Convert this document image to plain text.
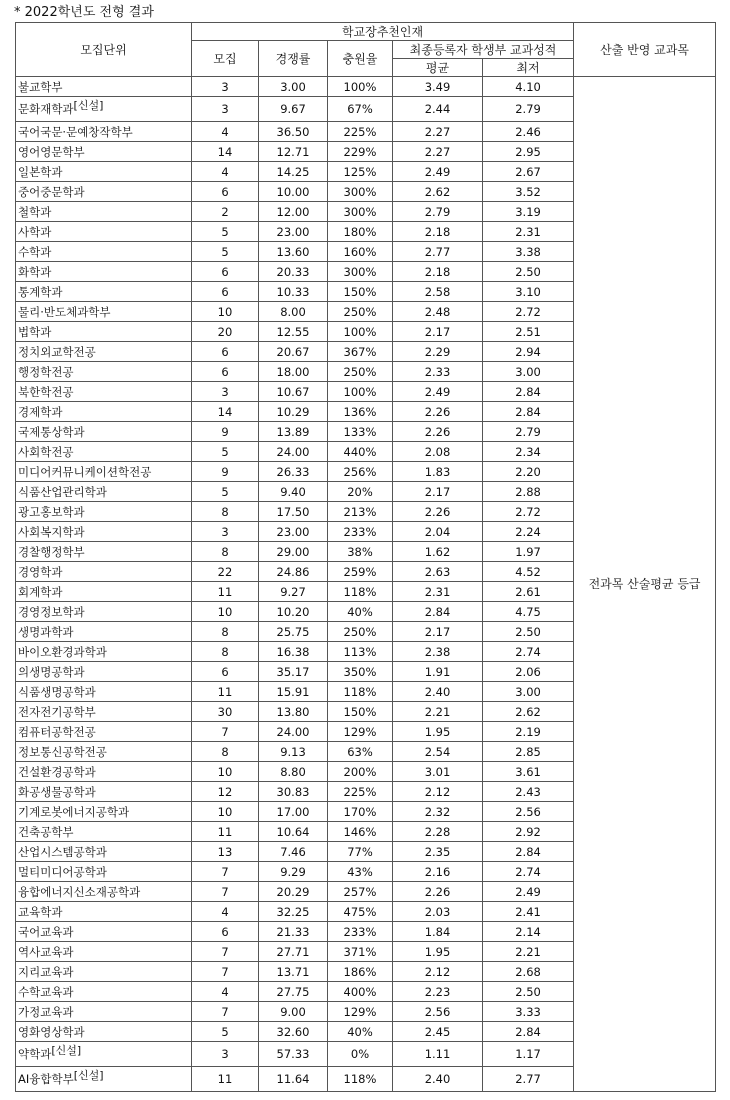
* 2022학년도 전형 결과
모집단위	학교장추천인재					산출 반영 교과목
	모집	경쟁률	충원율	최종등록자 학생부 교과성적		
				평균	최저	
불교학부	3	3.00	100%	3.49	4.10	전과목 산술평균 등급
문화재학과[신설]	3	9.67	67%	2.44	2.79	
국어국문·문예창작학부	4	36.50	225%	2.27	2.46	
영어영문학부	14	12.71	229%	2.27	2.95	
일본학과	4	14.25	125%	2.49	2.67	
중어중문학과	6	10.00	300%	2.62	3.52	
철학과	2	12.00	300%	2.79	3.19	
사학과	5	23.00	180%	2.18	2.31	
수학과	5	13.60	160%	2.77	3.38	
화학과	6	20.33	300%	2.18	2.50	
통계학과	6	10.33	150%	2.58	3.10	
물리·반도체과학부	10	8.00	250%	2.48	2.72	
법학과	20	12.55	100%	2.17	2.51	
정치외교학전공	6	20.67	367%	2.29	2.94	
행정학전공	6	18.00	250%	2.33	3.00	
북한학전공	3	10.67	100%	2.49	2.84	
경제학과	14	10.29	136%	2.26	2.84	
국제통상학과	9	13.89	133%	2.26	2.79	
사회학전공	5	24.00	440%	2.08	2.34	
미디어커뮤니케이션학전공	9	26.33	256%	1.83	2.20	
식품산업관리학과	5	9.40	20%	2.17	2.88	
광고홍보학과	8	17.50	213%	2.26	2.72	
사회복지학과	3	23.00	233%	2.04	2.24	
경찰행정학부	8	29.00	38%	1.62	1.97	
경영학과	22	24.86	259%	2.63	4.52	
회계학과	11	9.27	118%	2.31	2.61	
경영정보학과	10	10.20	40%	2.84	4.75	
생명과학과	8	25.75	250%	2.17	2.50	
바이오환경과학과	8	16.38	113%	2.38	2.74	
의생명공학과	6	35.17	350%	1.91	2.06	
식품생명공학과	11	15.91	118%	2.40	3.00	
전자전기공학부	30	13.80	150%	2.21	2.62	
컴퓨터공학전공	7	24.00	129%	1.95	2.19	
정보통신공학전공	8	9.13	63%	2.54	2.85	
건설환경공학과	10	8.80	200%	3.01	3.61	
화공생물공학과	12	30.83	225%	2.12	2.43	
기계로봇에너지공학과	10	17.00	170%	2.32	2.56	
건축공학부	11	10.64	146%	2.28	2.92	
산업시스템공학과	13	7.46	77%	2.35	2.84	
멀티미디어공학과	7	9.29	43%	2.16	2.74	
융합에너지신소재공학과	7	20.29	257%	2.26	2.49	
교육학과	4	32.25	475%	2.03	2.41	
국어교육과	6	21.33	233%	1.84	2.14	
역사교육과	7	27.71	371%	1.95	2.21	
지리교육과	7	13.71	186%	2.12	2.68	
수학교육과	4	27.75	400%	2.23	2.50	
가정교육과	7	9.00	129%	2.56	3.33	
영화영상학과	5	32.60	40%	2.45	2.84	
약학과[신설]	3	57.33	0%	1.11	1.17	
AI융합학부[신설]	11	11.64	118%	2.40	2.77	
